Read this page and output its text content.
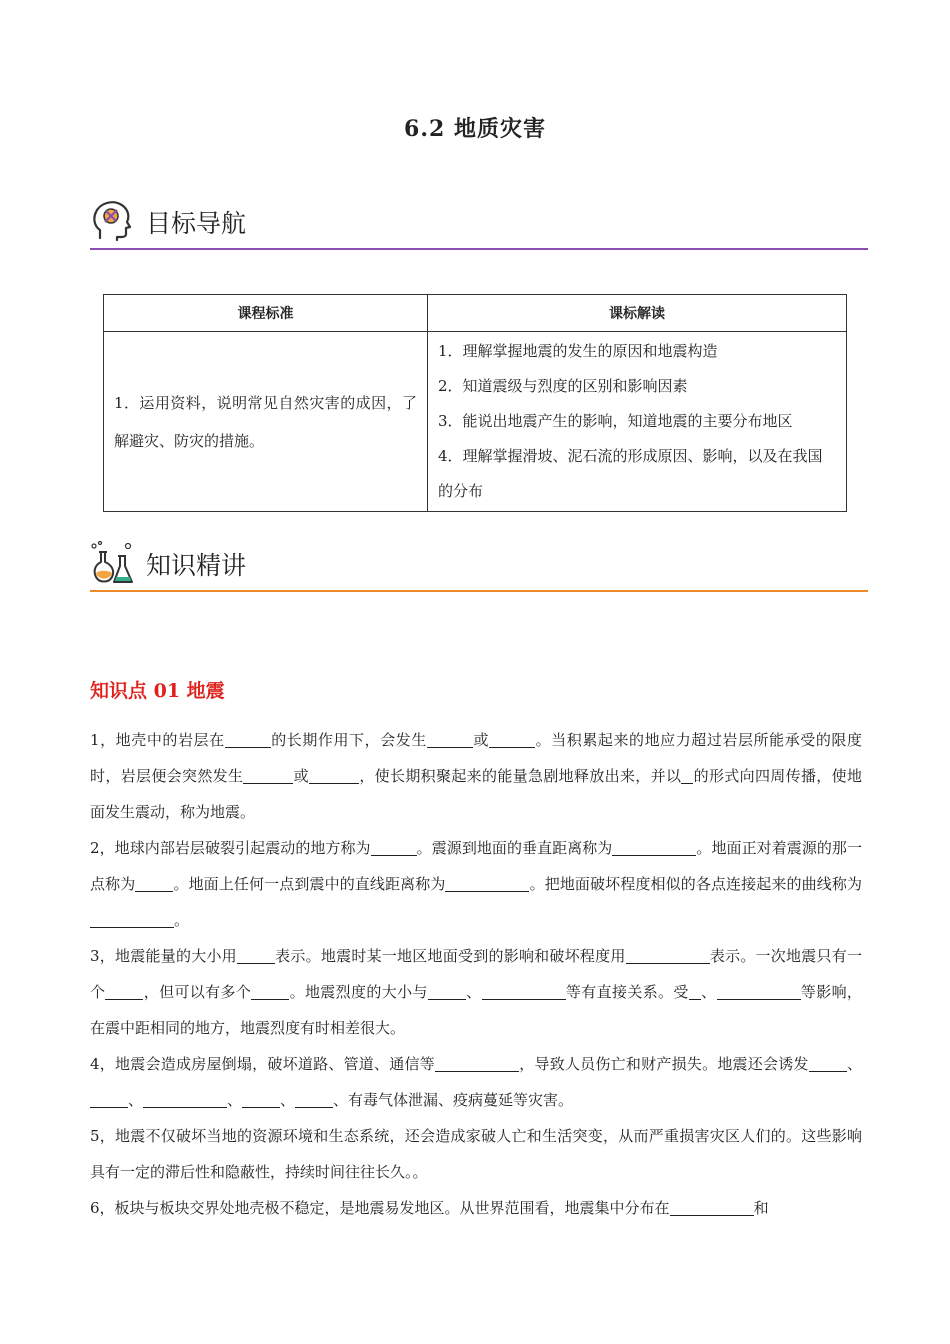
6.2 地质灾害
目标导航
课程标准	课标解读
1．运用资料，说明常见自然灾害的成因，了解避灾、防灾的措施。	1．理解掌握地震的发生的原因和地震构造
2．知道震级与烈度的区别和影响因素
3．能说出地震产生的影响，知道地震的主要分布地区
4．理解掌握滑坡、泥石流的形成原因、影响，以及在我国的分布
知识精讲
知识点 01 地震

1，地壳中的岩层在	的长期作用下，会发生	或	。当积累起来的地应力超过岩层所能承受的限度时，岩层便会突然发生	或	，使长期积聚起来的能量急剧地释放出来，并以 的形式向四周传播，使地面发生震动，称为地震。

2，地球内部岩层破裂引起震动的地方称为	。震源到地面的垂直距离称为	。地面正对着震源的那一点称为	。地面上任何一点到震中的直线距离称为	。把地面破坏程度相似的各点连接起来的曲线称为。

3，地震能量的大小用	表示。地震时某一地区地面受到的影响和破坏程度用	表示。一次地震只有一个	，但可以有多个	。地震烈度的大小与	、	等有直接关系。受 、	等影响，在震中距相同的地方，地震烈度有时相差很大。

4，地震会造成房屋倒塌，破坏道路、管道、通信等	，导致人员伤亡和财产损失。地震还会诱发	、、	、	、	、有毒气体泄漏、疫病蔓延等灾害。

5，地震不仅破坏当地的资源环境和生态系统，还会造成家破人亡和生活突变，从而严重损害灾区人们的。这些影响具有一定的滞后性和隐蔽性，持续时间往往长久。。

6，板块与板块交界处地壳极不稳定，是地震易发地区。从世界范围看，地震集中分布在	和
